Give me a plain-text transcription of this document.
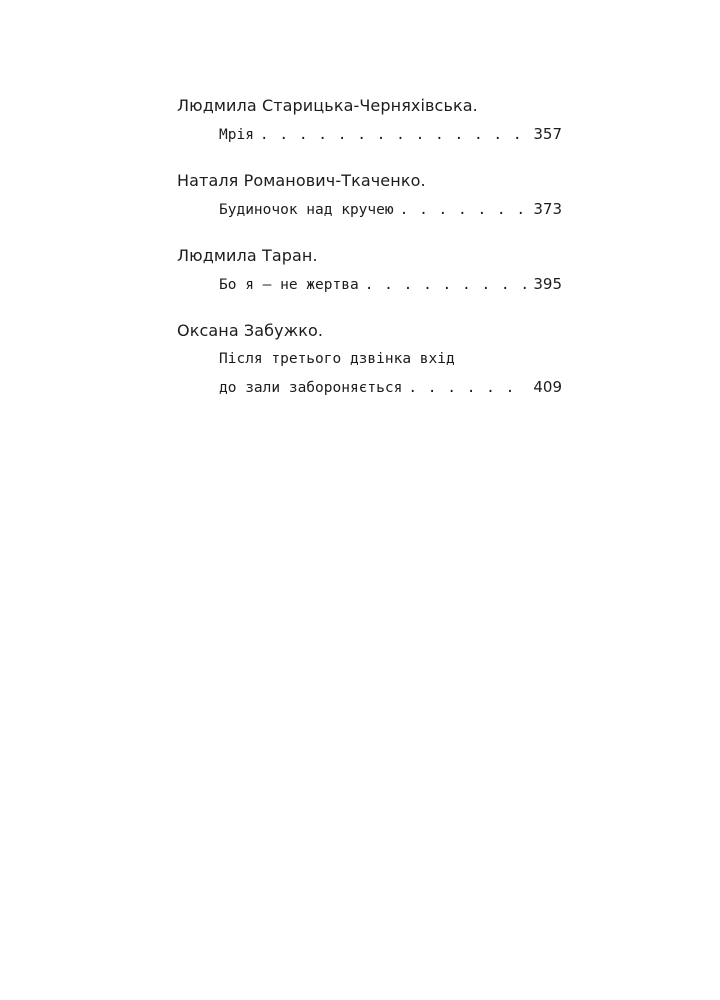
Людмила Старицька-Черняхівська.
Мрія . . .	357
Наталя Романович-Ткаченко.
Будиночок над кручею . . .	373
Людмила Таран.
Бо я — не жертва . . .	395
Оксана Забужко.
Після третього дзвінка вхід
до зали забороняється . . .	409
